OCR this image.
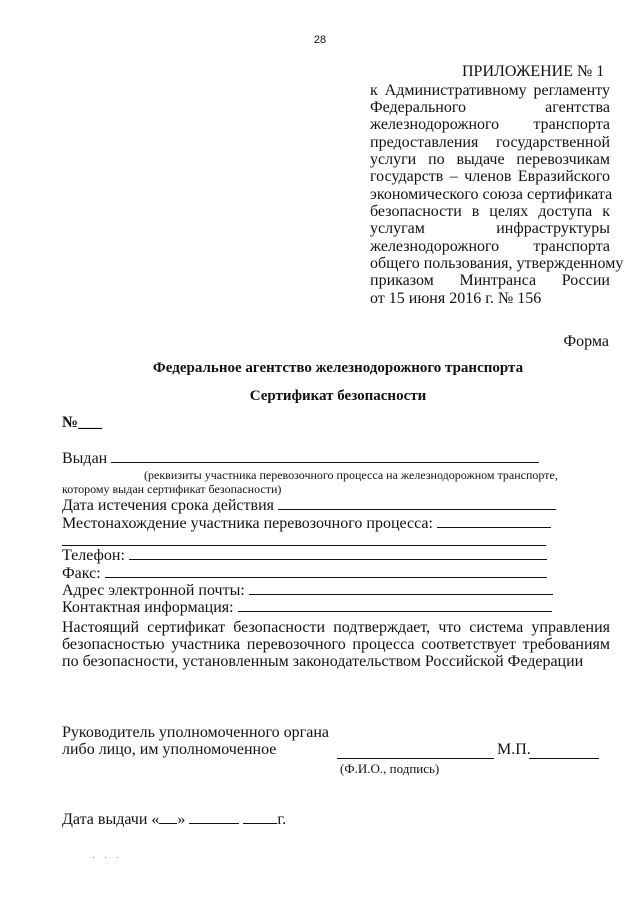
28
ПРИЛОЖЕНИЕ № 1
к Административному регламенту
Федерального агентства
железнодорожного транспорта
предоставления государственной
услуги по выдаче перевозчикам
государств – членов Евразийского
экономического союза сертификата
безопасности в целях доступа к
услугам инфраструктуры
железнодорожного транспорта
общего пользования, утвержденному
приказом Минтранса России
от 15 июня 2016 г. № 156
Форма
Федеральное агентство железнодорожного транспорта
Сертификат безопасности
№___
Выдан
(реквизиты участника перевозочного процесса на железнодорожном транспорте,
которому выдан сертификат безопасности)
Дата истечения срока действия
Местонахождение участника перевозочного процесса:
Телефон:
Факс:
Адрес электронной почты:
Контактная информация:
Настоящий сертификат безопасности подтверждает, что система управления безопасностью участника перевозочного процесса соответствует требованиям по безопасности, установленным законодательством Российской Федерации
Руководитель уполномоченного органа
либо лицо, им уполномоченное	М.П.
(Ф.И.О., подпись)
Дата выдачи « »	г.
· · ·
